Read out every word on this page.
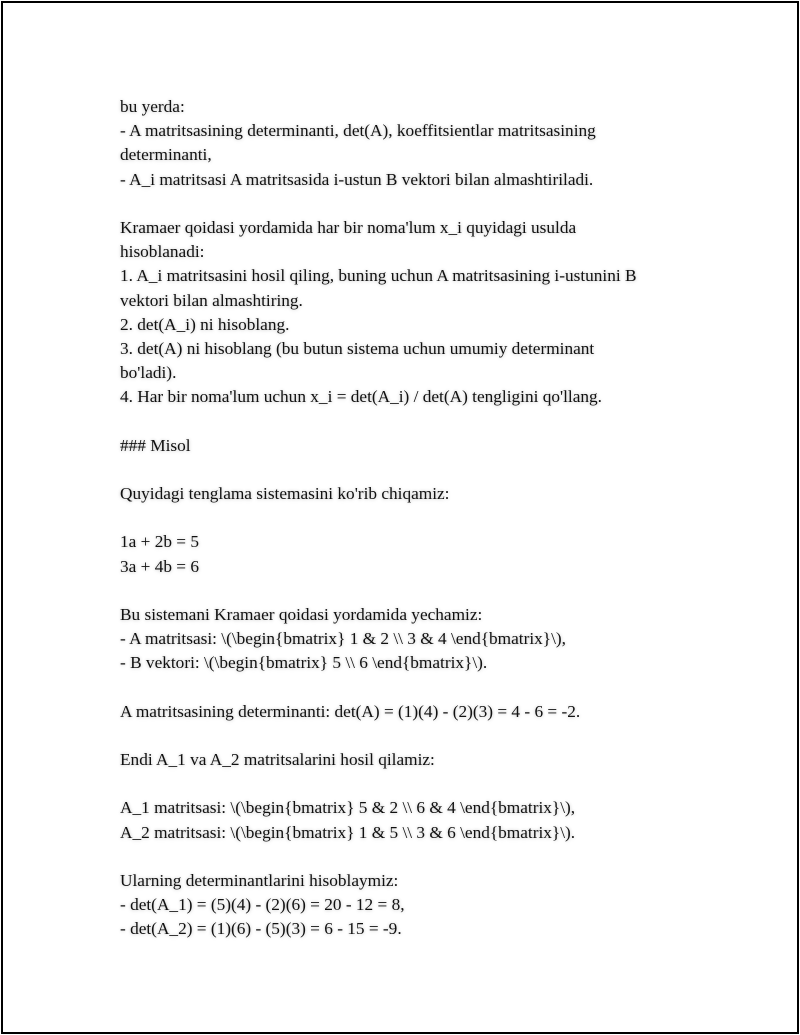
bu yerda:
- A matritsasining determinanti, det(A), koeffitsientlar matritsasining
determinanti,
- A_i matritsasi A matritsasida i-ustun B vektori bilan almashtiriladi.
Kramaer qoidasi yordamida har bir noma'lum x_i quyidagi usulda
hisoblanadi:
1. A_i matritsasini hosil qiling, buning uchun A matritsasining i-ustunini B
vektori bilan almashtiring.
2. det(A_i) ni hisoblang.
3. det(A) ni hisoblang (bu butun sistema uchun umumiy determinant
bo'ladi).
4. Har bir noma'lum uchun x_i = det(A_i) / det(A) tengligini qo'llang.
### Misol
Quyidagi tenglama sistemasini ko'rib chiqamiz:
1a + 2b = 5
3a + 4b = 6
Bu sistemani Kramaer qoidasi yordamida yechamiz:
- A matritsasi: \(\begin{bmatrix} 1 & 2 \\ 3 & 4 \end{bmatrix}\),
- B vektori: \(\begin{bmatrix} 5 \\ 6 \end{bmatrix}\).
A matritsasining determinanti: det(A) = (1)(4) - (2)(3) = 4 - 6 = -2.
Endi A_1 va A_2 matritsalarini hosil qilamiz:
A_1 matritsasi: \(\begin{bmatrix} 5 & 2 \\ 6 & 4 \end{bmatrix}\),
A_2 matritsasi: \(\begin{bmatrix} 1 & 5 \\ 3 & 6 \end{bmatrix}\).
Ularning determinantlarini hisoblaymiz:
- det(A_1) = (5)(4) - (2)(6) = 20 - 12 = 8,
- det(A_2) = (1)(6) - (5)(3) = 6 - 15 = -9.
